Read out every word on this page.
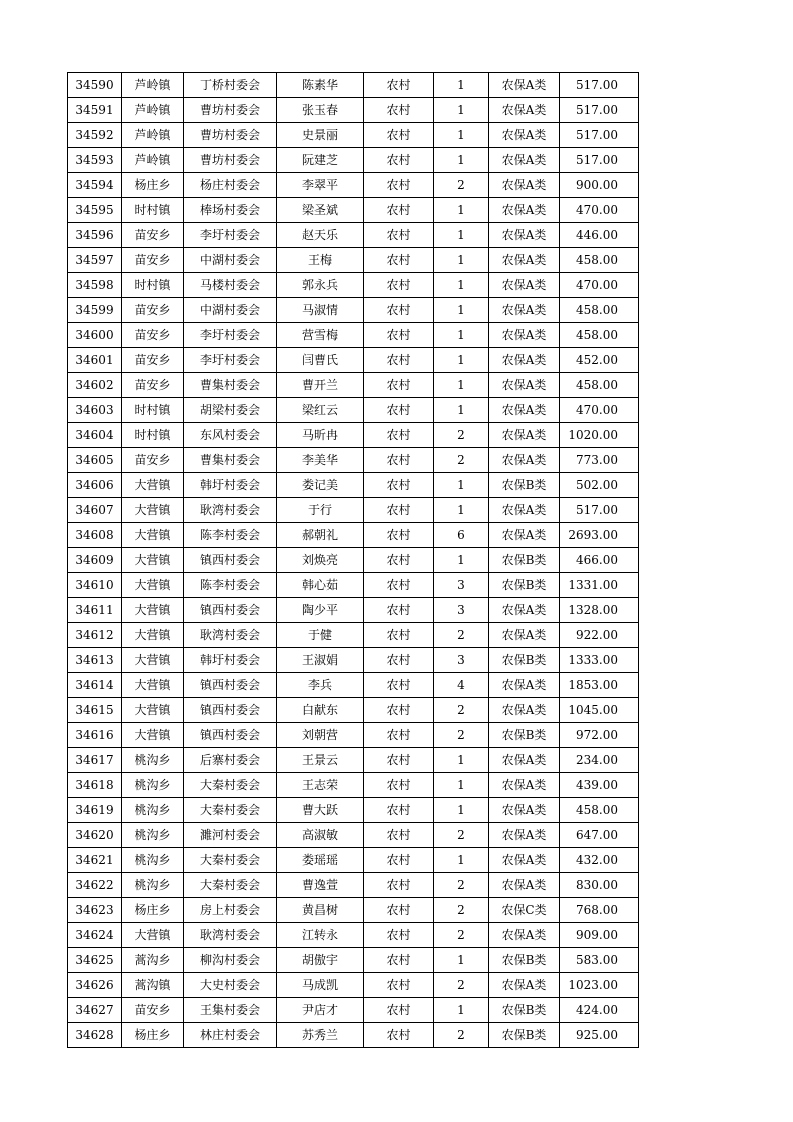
34590	芦岭镇	丁桥村委会	陈素华	农村	1	农保A类	517.00
34591	芦岭镇	曹坊村委会	张玉春	农村	1	农保A类	517.00
34592	芦岭镇	曹坊村委会	史景丽	农村	1	农保A类	517.00
34593	芦岭镇	曹坊村委会	阮建芝	农村	1	农保A类	517.00
34594	杨庄乡	杨庄村委会	李翠平	农村	2	农保A类	900.00
34595	时村镇	棒场村委会	梁圣斌	农村	1	农保A类	470.00
34596	苗安乡	李圩村委会	赵天乐	农村	1	农保A类	446.00
34597	苗安乡	中湖村委会	王梅	农村	1	农保A类	458.00
34598	时村镇	马楼村委会	郭永兵	农村	1	农保A类	470.00
34599	苗安乡	中湖村委会	马淑情	农村	1	农保A类	458.00
34600	苗安乡	李圩村委会	营雪梅	农村	1	农保A类	458.00
34601	苗安乡	李圩村委会	闫曹氏	农村	1	农保A类	452.00
34602	苗安乡	曹集村委会	曹开兰	农村	1	农保A类	458.00
34603	时村镇	胡梁村委会	梁红云	农村	1	农保A类	470.00
34604	时村镇	东风村委会	马昕冉	农村	2	农保A类	1020.00
34605	苗安乡	曹集村委会	李美华	农村	2	农保A类	773.00
34606	大营镇	韩圩村委会	娄记美	农村	1	农保B类	502.00
34607	大营镇	耿湾村委会	于行	农村	1	农保A类	517.00
34608	大营镇	陈李村委会	郝朝礼	农村	6	农保A类	2693.00
34609	大营镇	镇西村委会	刘焕亮	农村	1	农保B类	466.00
34610	大营镇	陈李村委会	韩心茹	农村	3	农保B类	1331.00
34611	大营镇	镇西村委会	陶少平	农村	3	农保A类	1328.00
34612	大营镇	耿湾村委会	于健	农村	2	农保A类	922.00
34613	大营镇	韩圩村委会	王淑娟	农村	3	农保B类	1333.00
34614	大营镇	镇西村委会	李兵	农村	4	农保A类	1853.00
34615	大营镇	镇西村委会	白献东	农村	2	农保A类	1045.00
34616	大营镇	镇西村委会	刘朝营	农村	2	农保B类	972.00
34617	桃沟乡	后寨村委会	王景云	农村	1	农保A类	234.00
34618	桃沟乡	大秦村委会	王志荣	农村	1	农保A类	439.00
34619	桃沟乡	大秦村委会	曹大跃	农村	1	农保A类	458.00
34620	桃沟乡	濉河村委会	高淑敏	农村	2	农保A类	647.00
34621	桃沟乡	大秦村委会	娄瑶瑶	农村	1	农保A类	432.00
34622	桃沟乡	大秦村委会	曹逸萱	农村	2	农保A类	830.00
34623	杨庄乡	房上村委会	黄昌树	农村	2	农保C类	768.00
34624	大营镇	耿湾村委会	江转永	农村	2	农保A类	909.00
34625	蒿沟乡	柳沟村委会	胡傲宇	农村	1	农保B类	583.00
34626	蒿沟镇	大史村委会	马成凯	农村	2	农保A类	1023.00
34627	苗安乡	王集村委会	尹店才	农村	1	农保B类	424.00
34628	杨庄乡	林庄村委会	苏秀兰	农村	2	农保B类	925.00
